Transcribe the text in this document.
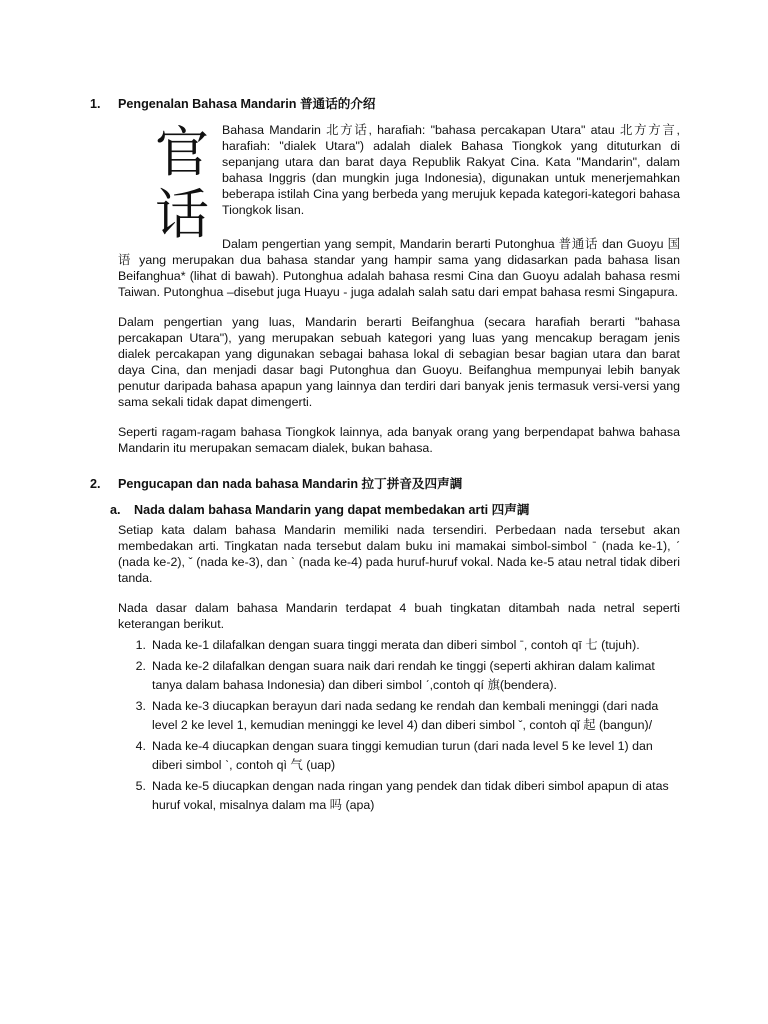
1.	Pengenalan Bahasa Mandarin 普通话的介绍
官
话

Bahasa Mandarin 北方话, harafiah: "bahasa percakapan Utara" atau 北方方言, harafiah: "dialek Utara") adalah dialek Bahasa Tiongkok yang dituturkan di sepanjang utara dan barat daya Republik Rakyat Cina. Kata "Mandarin", dalam bahasa Inggris (dan mungkin juga Indonesia), digunakan untuk menerjemahkan beberapa istilah Cina yang berbeda yang merujuk kepada kategori-kategori bahasa Tiongkok lisan.

Dalam pengertian yang sempit, Mandarin berarti Putonghua 普通话 dan Guoyu 国语 yang merupakan dua bahasa standar yang hampir sama yang didasarkan pada bahasa lisan Beifanghua* (lihat di bawah). Putonghua adalah bahasa resmi Cina dan Guoyu adalah bahasa resmi Taiwan. Putonghua –disebut juga Huayu - juga adalah salah satu dari empat bahasa resmi Singapura.

Dalam pengertian yang luas, Mandarin berarti Beifanghua (secara harafiah berarti "bahasa percakapan Utara"), yang merupakan sebuah kategori yang luas yang mencakup beragam jenis dialek percakapan yang digunakan sebagai bahasa lokal di sebagian besar bagian utara dan barat daya Cina, dan menjadi dasar bagi Putonghua dan Guoyu. Beifanghua mempunyai lebih banyak penutur daripada bahasa apapun yang lainnya dan terdiri dari banyak jenis termasuk versi-versi yang sama sekali tidak dapat dimengerti.

Seperti ragam-ragam bahasa Tiongkok lainnya, ada banyak orang yang berpendapat bahwa bahasa Mandarin itu merupakan semacam dialek, bukan bahasa.

2.	Pengucapan dan nada bahasa Mandarin 拉丁拼音及四声調
a.	Nada dalam bahasa Mandarin yang dapat membedakan arti 四声調

Setiap kata dalam bahasa Mandarin memiliki nada tersendiri. Perbedaan nada tersebut akan membedakan arti. Tingkatan nada tersebut dalam buku ini mamakai simbol-simbol ˉ (nada ke-1), ˊ (nada ke-2), ˇ (nada ke-3), dan ˋ (nada ke-4) pada huruf-huruf vokal. Nada ke-5 atau netral tidak diberi tanda.

Nada dasar dalam bahasa Mandarin terdapat 4 buah tingkatan ditambah nada netral seperti keterangan berikut.

1. Nada ke-1 dilafalkan dengan suara tinggi merata dan diberi simbol ˉ, contoh qī 七 (tujuh).
2. Nada ke-2 dilafalkan dengan suara naik dari rendah ke tinggi (seperti akhiran dalam kalimat tanya dalam bahasa Indonesia) dan diberi simbol ˊ,contoh qí 旗(bendera).
3. Nada ke-3 diucapkan berayun dari nada sedang ke rendah dan kembali meninggi (dari nada level 2 ke level 1, kemudian meninggi ke level 4) dan diberi simbol ˇ, contoh qǐ 起 (bangun)/
4. Nada ke-4 diucapkan dengan suara tinggi kemudian turun (dari nada level 5 ke level 1) dan diberi simbol ˋ, contoh qì 气 (uap)
5. Nada ke-5 diucapkan dengan nada ringan yang pendek dan tidak diberi simbol apapun di atas huruf vokal, misalnya dalam ma 吗 (apa)
